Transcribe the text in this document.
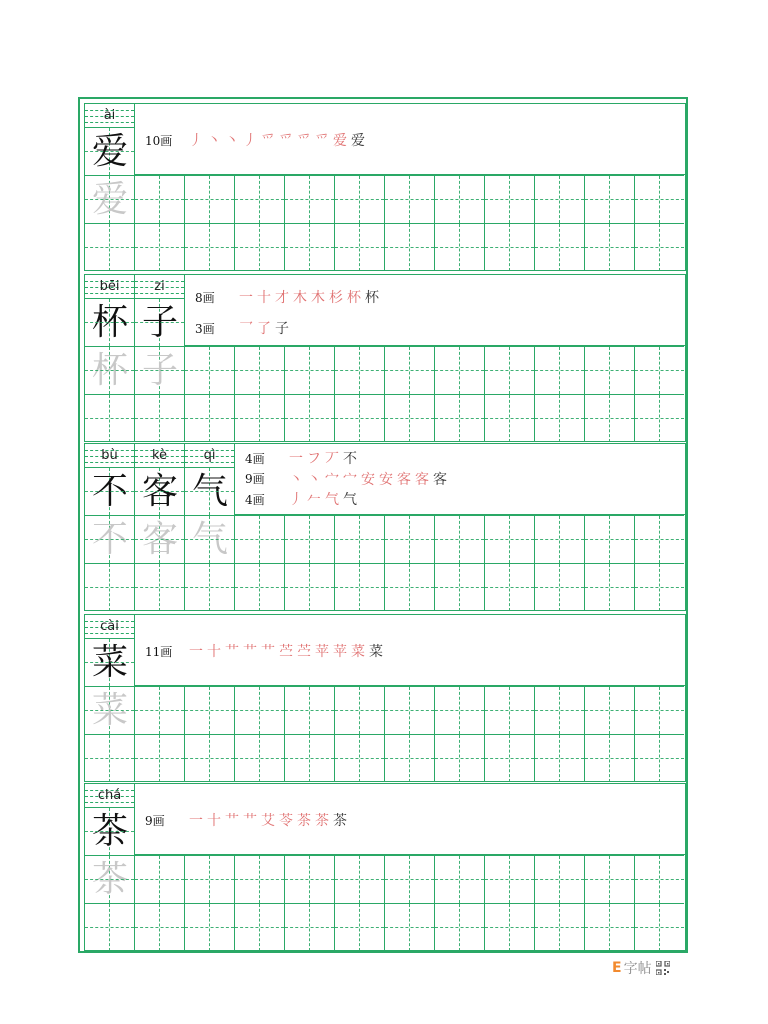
ài
爱
爱
10画	丿丶丶丿爫爫爫爫爱爱
bēi	zi
杯 子
杯 子
8画	一十才木木杉杯杯
3画	乛了子
bù	kè	qì
不 客 气
不 客 气
4画	一フ丆不
9画	丶丶宀宀安安客客客
4画	丿𠂉气气
cài
菜
菜
11画	一十艹艹艹苎苎苹苹菜菜
chá
茶
茶
9画	一十艹艹艾苓茶茶茶
E 字帖
